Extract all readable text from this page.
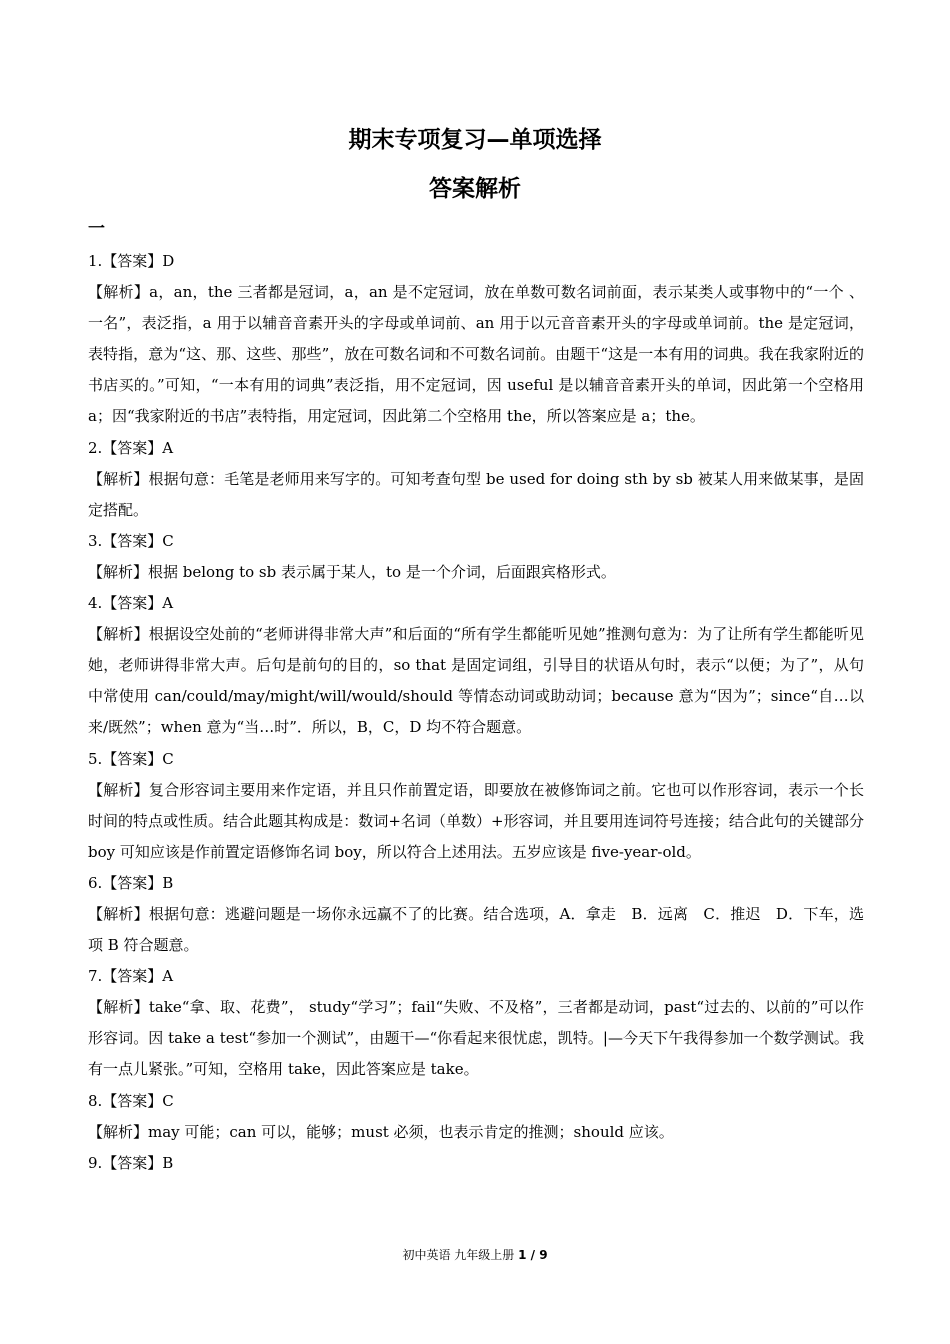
期末专项复习—单项选择
答案解析
一

1.【答案】D

【解析】a，an，the 三者都是冠词，a，an 是不定冠词，放在单数可数名词前面，表示某类人或事物中的“一个 、一名”，表泛指，a 用于以辅音音素开头的字母或单词前、an 用于以元音音素开头的字母或单词前。the 是定冠词，表特指，意为“这、那、这些、那些”，放在可数名词和不可数名词前。由题干“这是一本有用的词典。我在我家附近的书店买的。”可知，“一本有用的词典”表泛指，用不定冠词，因 useful 是以辅音音素开头的单词，因此第一个空格用 a；因“我家附近的书店”表特指，用定冠词，因此第二个空格用 the，所以答案应是 a；the。

2.【答案】A

【解析】根据句意：毛笔是老师用来写字的。可知考查句型 be used for doing sth by sb 被某人用来做某事，是固定搭配。

3.【答案】C

【解析】根据 belong to sb 表示属于某人，to 是一个介词，后面跟宾格形式。

4.【答案】A

【解析】根据设空处前的“老师讲得非常大声”和后面的“所有学生都能听见她”推测句意为：为了让所有学生都能听见她，老师讲得非常大声。后句是前句的目的，so that 是固定词组，引导目的状语从句时，表示“以便；为了”，从句中常使用 can/could/may/might/will/would/should 等情态动词或助动词；because 意为“因为”；since“自…以来/既然”；when 意为“当…时”．所以，B，C，D 均不符合题意。

5.【答案】C

【解析】复合形容词主要用来作定语，并且只作前置定语，即要放在被修饰词之前。它也可以作形容词，表示一个长时间的特点或性质。结合此题其构成是：数词+名词（单数）+形容词，并且要用连词符号连接；结合此句的关键部分 boy 可知应该是作前置定语修饰名词 boy，所以符合上述用法。五岁应该是 five-year-old。

6.【答案】B

【解析】根据句意：逃避问题是一场你永远赢不了的比赛。结合选项，A．拿走　B．远离　C．推迟　D．下车，选项 B 符合题意。

7.【答案】A

【解析】take“拿、取、花费”， study“学习”；fail“失败、不及格”，三者都是动词，past“过去的、以前的”可以作形容词。因 take a test“参加一个测试”，由题干—“你看起来很忧虑，凯特。|—今天下午我得参加一个数学测试。我有一点儿紧张。”可知，空格用 take，因此答案应是 take。

8.【答案】C

【解析】may 可能；can 可以，能够；must 必须，也表示肯定的推测；should 应该。

9.【答案】B

初中英语 九年级上册 1 / 9
